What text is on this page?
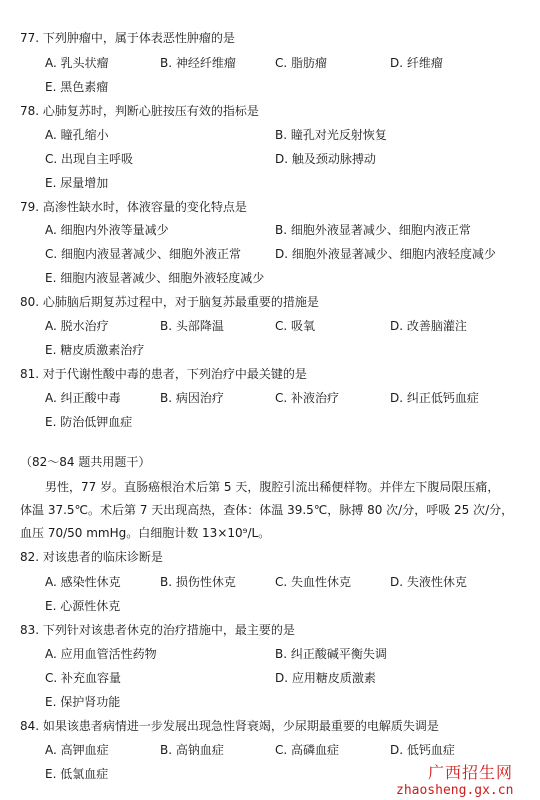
77. 下列肿瘤中，属于体表恶性肿瘤的是
A. 乳头状瘤	B. 神经纤维瘤	C. 脂肪瘤	D. 纤维瘤
E. 黑色素瘤
78. 心肺复苏时，判断心脏按压有效的指标是
A. 瞳孔缩小	B. 瞳孔对光反射恢复
C. 出现自主呼吸	D. 触及颈动脉搏动
E. 尿量增加
79. 高渗性缺水时，体液容量的变化特点是
A. 细胞内外液等量减少	B. 细胞外液显著减少、细胞内液正常
C. 细胞内液显著减少、细胞外液正常	D. 细胞外液显著减少、细胞内液轻度减少
E. 细胞内液显著减少、细胞外液轻度减少
80. 心肺脑后期复苏过程中，对于脑复苏最重要的措施是
A. 脱水治疗	B. 头部降温	C. 吸氧	D. 改善脑灌注
E. 糖皮质激素治疗
81. 对于代谢性酸中毒的患者，下列治疗中最关键的是
A. 纠正酸中毒	B. 病因治疗	C. 补液治疗	D. 纠正低钙血症
E. 防治低钾血症
（82～84 题共用题干）
男性，77 岁。直肠癌根治术后第 5 天，腹腔引流出稀便样物。并伴左下腹局限压痛，
体温 37.5℃。术后第 7 天出现高热，查体：体温 39.5℃，脉搏 80 次/分，呼吸 25 次/分，
血压 70/50 mmHg。白细胞计数 13×10⁹/L。
82. 对该患者的临床诊断是
A. 感染性休克	B. 损伤性休克	C. 失血性休克	D. 失液性休克
E. 心源性休克
83. 下列针对该患者休克的治疗措施中，最主要的是
A. 应用血管活性药物	B. 纠正酸碱平衡失调
C. 补充血容量	D. 应用糖皮质激素
E. 保护肾功能
84. 如果该患者病情进一步发展出现急性肾衰竭，少尿期最重要的电解质失调是
A. 高钾血症	B. 高钠血症	C. 高磷血症	D. 低钙血症
E. 低氯血症	广西招生网
zhaosheng.gx.cn
